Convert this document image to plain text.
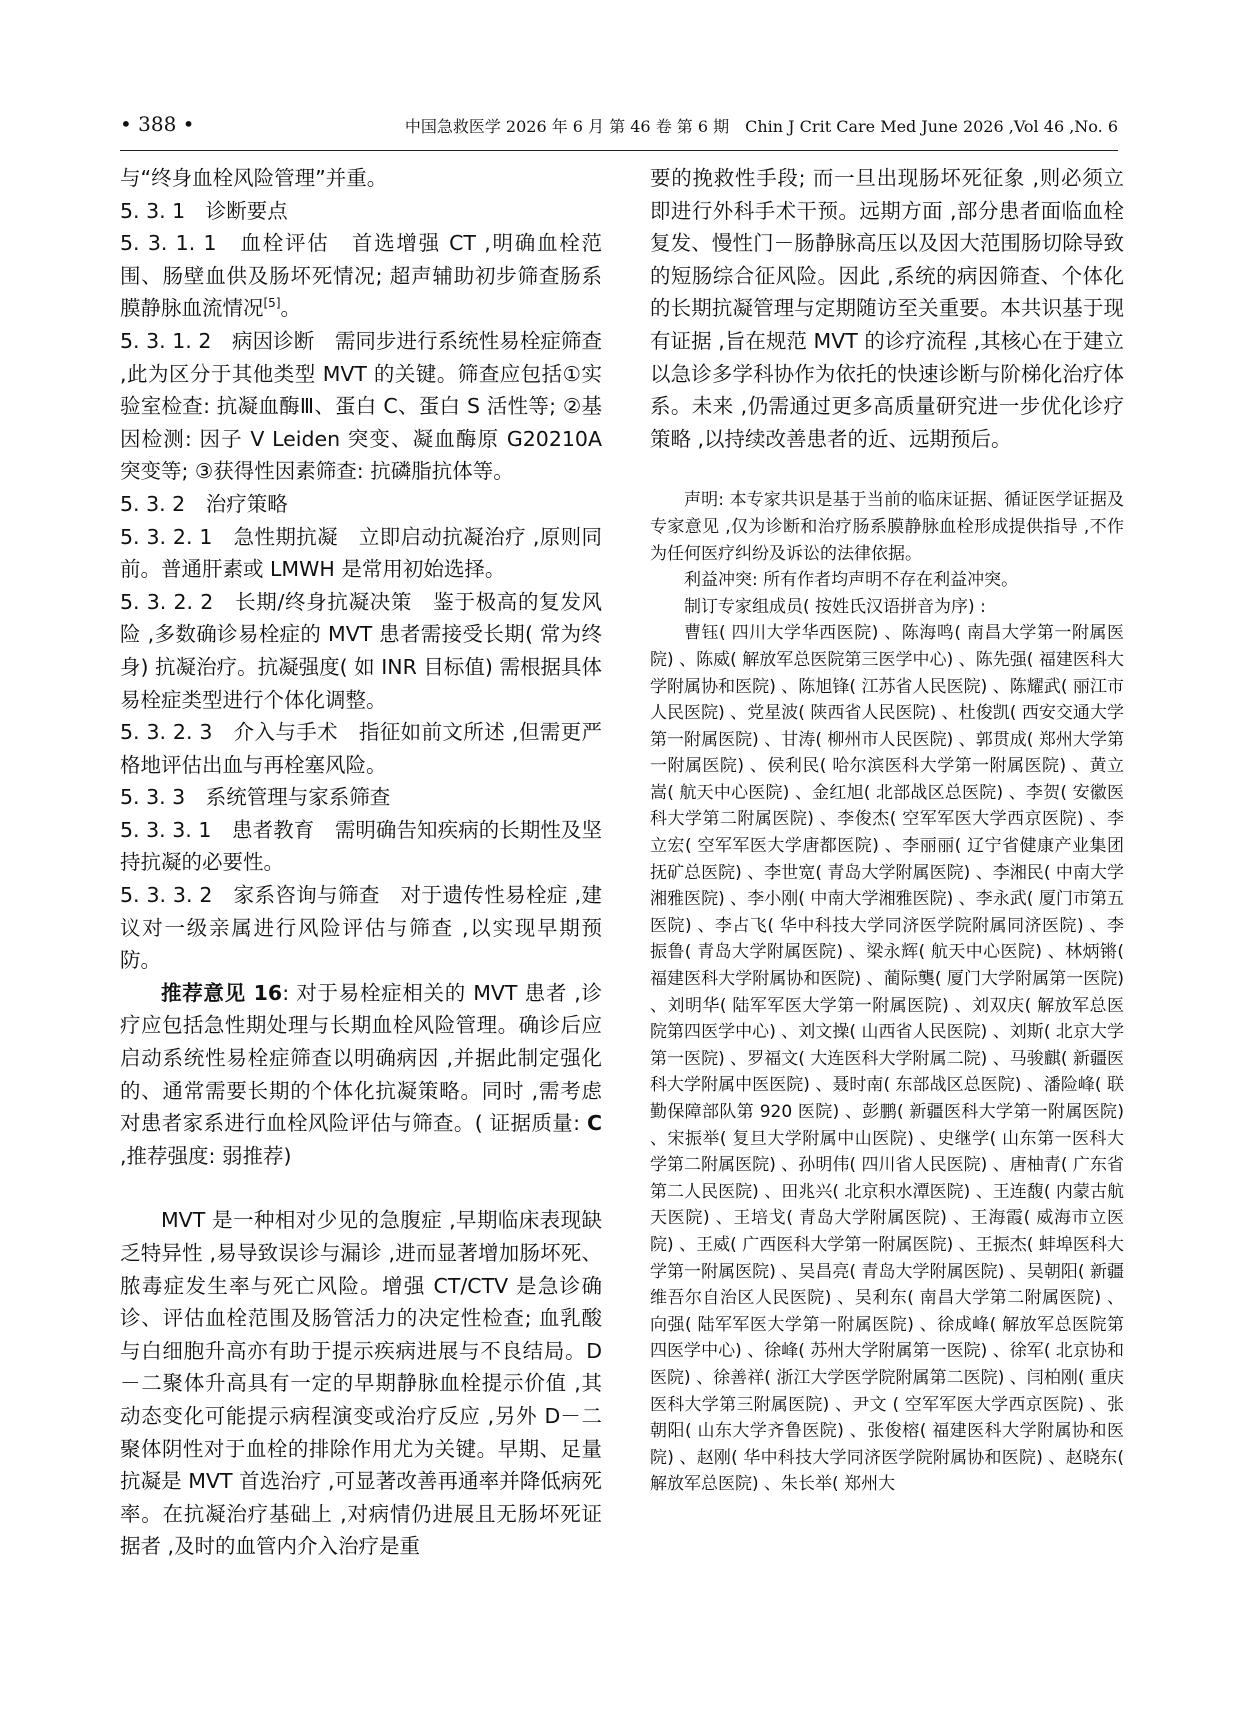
• 388 •	中国急救医学 2026 年 6 月 第 46 卷 第 6 期　Chin J Crit Care Med June 2026 ,Vol 46 ,No. 6

与“终身血栓风险管理”并重。

5. 3. 1　诊断要点

5. 3. 1. 1　血栓评估　首选增强 CT ,明确血栓范围、肠壁血供及肠坏死情况; 超声辅助初步筛查肠系膜静脉血流情况[5]。

5. 3. 1. 2　病因诊断　需同步进行系统性易栓症筛查 ,此为区分于其他类型 MVT 的关键。筛查应包括①实验室检查: 抗凝血酶Ⅲ、蛋白 C、蛋白 S 活性等; ②基因检测: 因子 V Leiden 突变、凝血酶原 G20210A 突变等; ③获得性因素筛查: 抗磷脂抗体等。

5. 3. 2　治疗策略

5. 3. 2. 1　急性期抗凝　立即启动抗凝治疗 ,原则同前。普通肝素或 LMWH 是常用初始选择。

5. 3. 2. 2　长期/终身抗凝决策　鉴于极高的复发风险 ,多数确诊易栓症的 MVT 患者需接受长期( 常为终身) 抗凝治疗。抗凝强度( 如 INR 目标值) 需根据具体易栓症类型进行个体化调整。

5. 3. 2. 3　介入与手术　指征如前文所述 ,但需更严格地评估出血与再栓塞风险。

5. 3. 3　系统管理与家系筛查

5. 3. 3. 1　患者教育　需明确告知疾病的长期性及坚持抗凝的必要性。

5. 3. 3. 2　家系咨询与筛查　对于遗传性易栓症 ,建议对一级亲属进行风险评估与筛查 ,以实现早期预防。

推荐意见 16: 对于易栓症相关的 MVT 患者 ,诊疗应包括急性期处理与长期血栓风险管理。确诊后应启动系统性易栓症筛查以明确病因 ,并据此制定强化的、通常需要长期的个体化抗凝策略。同时 ,需考虑对患者家系进行血栓风险评估与筛查。( 证据质量: C ,推荐强度: 弱推荐)

MVT 是一种相对少见的急腹症 ,早期临床表现缺乏特异性 ,易导致误诊与漏诊 ,进而显著增加肠坏死、脓毒症发生率与死亡风险。增强 CT/CTV 是急诊确诊、评估血栓范围及肠管活力的决定性检查; 血乳酸与白细胞升高亦有助于提示疾病进展与不良结局。D－二聚体升高具有一定的早期静脉血栓提示价值 ,其动态变化可能提示病程演变或治疗反应 ,另外 D－二聚体阴性对于血栓的排除作用尤为关键。早期、足量抗凝是 MVT 首选治疗 ,可显著改善再通率并降低病死率。在抗凝治疗基础上 ,对病情仍进展且无肠坏死证据者 ,及时的血管内介入治疗是重

要的挽救性手段; 而一旦出现肠坏死征象 ,则必须立即进行外科手术干预。远期方面 ,部分患者面临血栓复发、慢性门－肠静脉高压以及因大范围肠切除导致的短肠综合征风险。因此 ,系统的病因筛查、个体化的长期抗凝管理与定期随访至关重要。本共识基于现有证据 ,旨在规范 MVT 的诊疗流程 ,其核心在于建立以急诊多学科协作为依托的快速诊断与阶梯化治疗体系。未来 ,仍需通过更多高质量研究进一步优化诊疗策略 ,以持续改善患者的近、远期预后。

声明: 本专家共识是基于当前的临床证据、循证医学证据及专家意见 ,仅为诊断和治疗肠系膜静脉血栓形成提供指导 ,不作为任何医疗纠纷及诉讼的法律依据。

利益冲突: 所有作者均声明不存在利益冲突。

制订专家组成员( 按姓氏汉语拼音为序) :

曹钰( 四川大学华西医院) 、陈海鸣( 南昌大学第一附属医院) 、陈威( 解放军总医院第三医学中心) 、陈先强( 福建医科大学附属协和医院) 、陈旭锋( 江苏省人民医院) 、陈耀武( 丽江市人民医院) 、党星波( 陕西省人民医院) 、杜俊凯( 西安交通大学第一附属医院) 、甘涛( 柳州市人民医院) 、郭贯成( 郑州大学第一附属医院) 、侯利民( 哈尔滨医科大学第一附属医院) 、黄立嵩( 航天中心医院) 、金红旭( 北部战区总医院) 、李贺( 安徽医科大学第二附属医院) 、李俊杰( 空军军医大学西京医院) 、李立宏( 空军军医大学唐都医院) 、李丽丽( 辽宁省健康产业集团抚矿总医院) 、李世宽( 青岛大学附属医院) 、李湘民( 中南大学湘雅医院) 、李小刚( 中南大学湘雅医院) 、李永武( 厦门市第五医院) 、李占飞( 华中科技大学同济医学院附属同济医院) 、李振鲁( 青岛大学附属医院) 、梁永辉( 航天中心医院) 、林炳锵( 福建医科大学附属协和医院) 、蔺际龑( 厦门大学附属第一医院) 、刘明华( 陆军军医大学第一附属医院) 、刘双庆( 解放军总医院第四医学中心) 、刘文操( 山西省人民医院) 、刘斯( 北京大学第一医院) 、罗福文( 大连医科大学附属二院) 、马骏麒( 新疆医科大学附属中医医院) 、聂时南( 东部战区总医院) 、潘险峰( 联勤保障部队第 920 医院) 、彭鹏( 新疆医科大学第一附属医院) 、宋振举( 复旦大学附属中山医院) 、史继学( 山东第一医科大学第二附属医院) 、孙明伟( 四川省人民医院) 、唐柚青( 广东省第二人民医院) 、田兆兴( 北京积水潭医院) 、王连馥( 内蒙古航天医院) 、王培戈( 青岛大学附属医院) 、王海霞( 威海市立医院) 、王威( 广西医科大学第一附属医院) 、王振杰( 蚌埠医科大学第一附属医院) 、吴昌亮( 青岛大学附属医院) 、吴朝阳( 新疆维吾尔自治区人民医院) 、吴利东( 南昌大学第二附属医院) 、向强( 陆军军医大学第一附属医院) 、徐成峰( 解放军总医院第四医学中心) 、徐峰( 苏州大学附属第一医院) 、徐军( 北京协和医院) 、徐善祥( 浙江大学医学院附属第二医院) 、闫柏刚( 重庆医科大学第三附属医院) 、尹文 ( 空军军医大学西京医院) 、张朝阳( 山东大学齐鲁医院) 、张俊榕( 福建医科大学附属协和医院) 、赵刚( 华中科技大学同济医学院附属协和医院) 、赵晓东( 解放军总医院) 、朱长举( 郑州大
